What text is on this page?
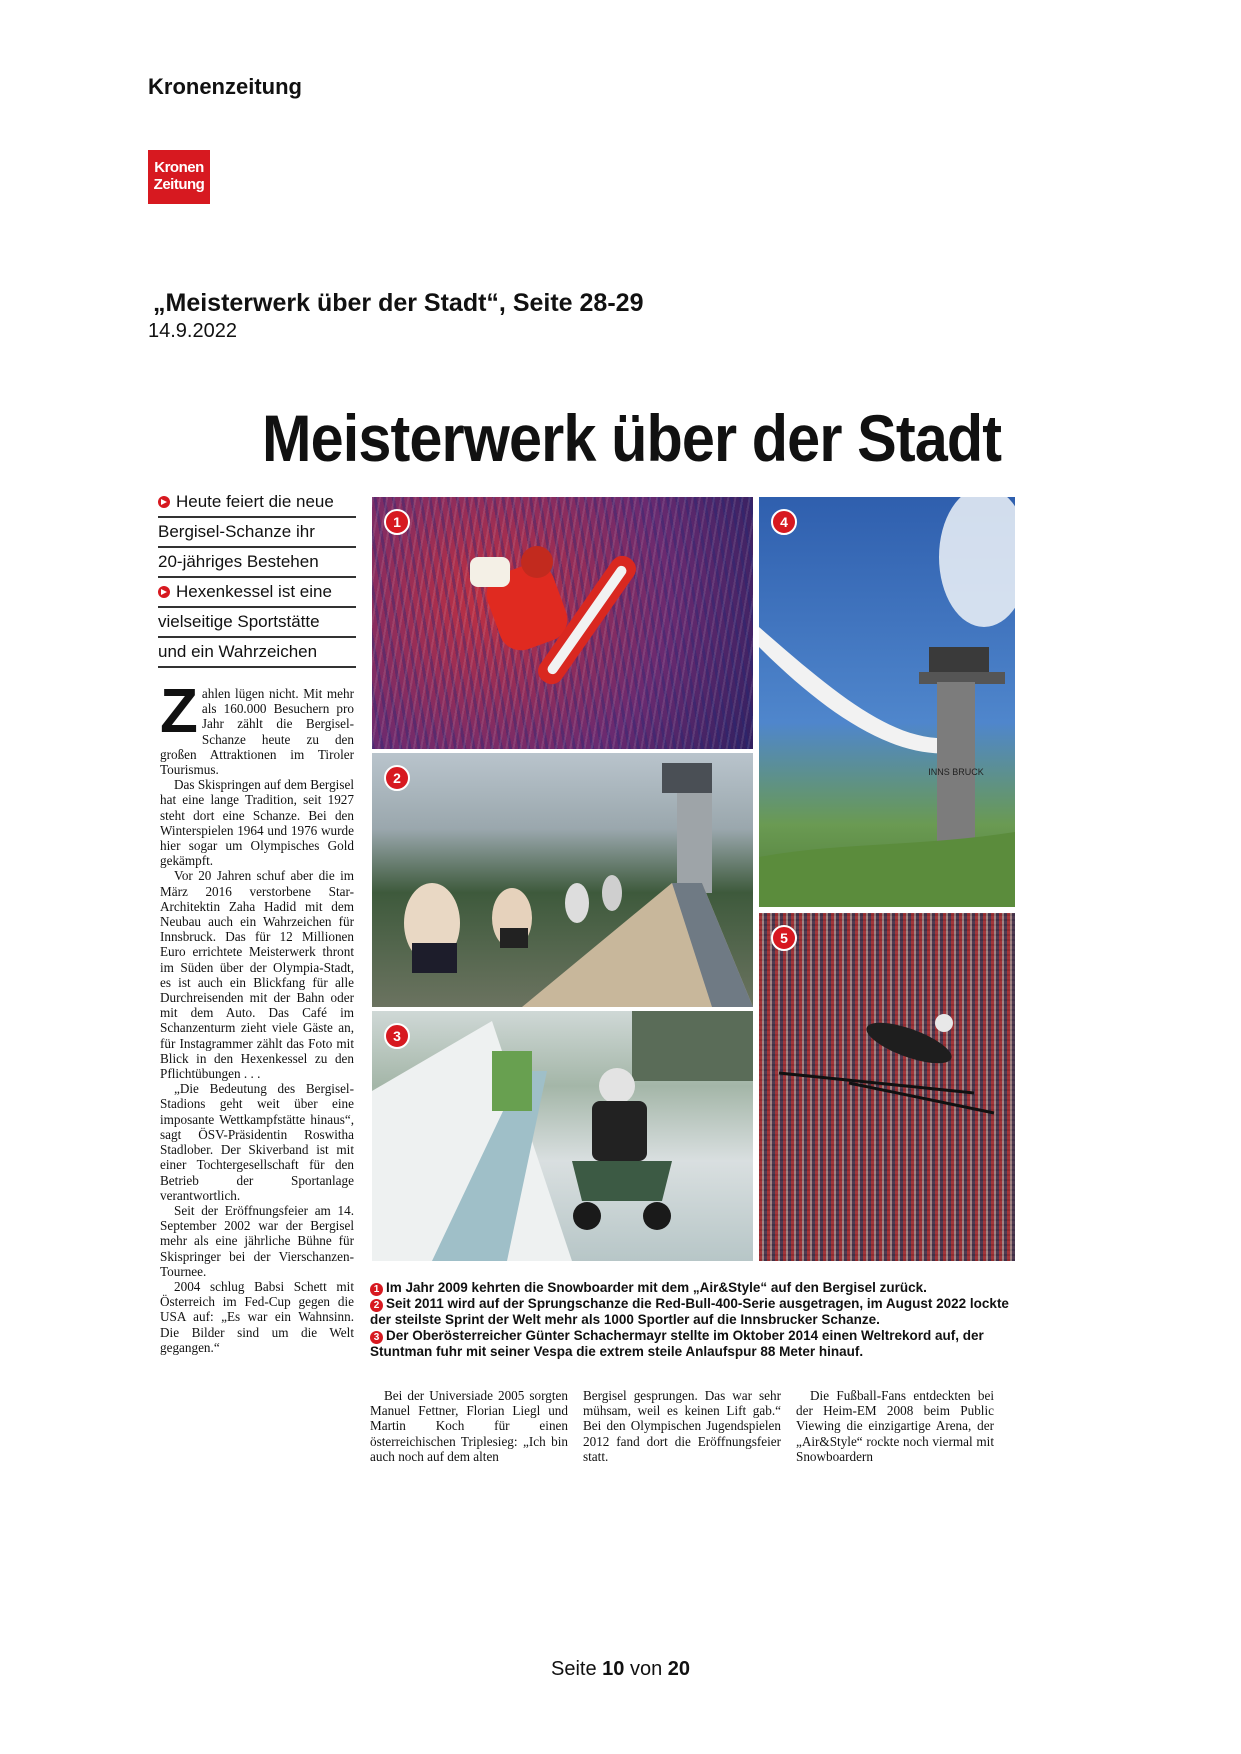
Kronenzeitung
Kronen
Zeitung
„Meisterwerk über der Stadt“, Seite 28-29
14.9.2022
Meisterwerk über der Stadt
Heute feiert die neue
Bergisel-Schanze ihr
20-jähriges Bestehen
Hexenkessel ist eine
vielseitige Sportstätte
und ein Wahrzeichen

Zahlen lügen nicht. Mit mehr als 160.000 Besuchern pro Jahr zählt die Bergisel-Schanze heute zu den großen Attraktionen im Tiroler Tourismus.

Das Skispringen auf dem Bergisel hat eine lange Tradition, seit 1927 steht dort eine Schanze. Bei den Winterspielen 1964 und 1976 wurde hier sogar um Olympisches Gold gekämpft.

Vor 20 Jahren schuf aber die im März 2016 verstorbene Star-Architektin Zaha Hadid mit dem Neubau auch ein Wahrzeichen für Innsbruck. Das für 12 Millionen Euro errichtete Meisterwerk thront im Süden über der Olympia-Stadt, es ist auch ein Blickfang für alle Durchreisenden mit der Bahn oder mit dem Auto. Das Café im Schanzenturm zieht viele Gäste an, für Instagrammer zählt das Foto mit Blick in den Hexenkessel zu den Pflichtübungen . . .

„Die Bedeutung des Bergisel-Stadions geht weit über eine imposante Wettkampfstätte hinaus“, sagt ÖSV-Präsidentin Roswitha Stadlober. Der Skiverband ist mit einer Tochtergesellschaft für den Betrieb der Sportanlage verantwortlich.

Seit der Eröffnungsfeier am 14. September 2002 war der Bergisel mehr als eine jährliche Bühne für Skispringer bei der Vierschanzen-Tournee.

2004 schlug Babsi Schett mit Österreich im Fed-Cup gegen die USA auf: „Es war ein Wahnsinn. Die Bilder sind um die Welt gegangen.“

1
INNS BRUCK
4
2
5
3
1 Im Jahr 2009 kehrten die Snowboarder mit dem „Air&Style“ auf den Bergisel zurück.
2 Seit 2011 wird auf der Sprungschanze die Red-Bull-400-Serie ausgetragen, im August 2022 lockte der steilste Sprint der Welt mehr als 1000 Sportler auf die Innsbrucker Schanze.
3 Der Oberösterreicher Günter Schachermayr stellte im Oktober 2014 einen Weltrekord auf, der Stuntman fuhr mit seiner Vespa die extrem steile Anlaufspur 88 Meter hinauf.
Bei der Universiade 2005 sorgten Manuel Fettner, Florian Liegl und Martin Koch für einen österreichischen Triplesieg: „Ich bin auch noch auf dem alten
Bergisel gesprungen. Das war sehr mühsam, weil es keinen Lift gab.“ Bei den Olympischen Jugendspielen 2012 fand dort die Eröffnungsfeier statt.
Die Fußball-Fans entdeckten bei der Heim-EM 2008 beim Public Viewing die einzigartige Arena, der „Air&Style“ rockte noch viermal mit Snowboardern
Seite 10 von 20
